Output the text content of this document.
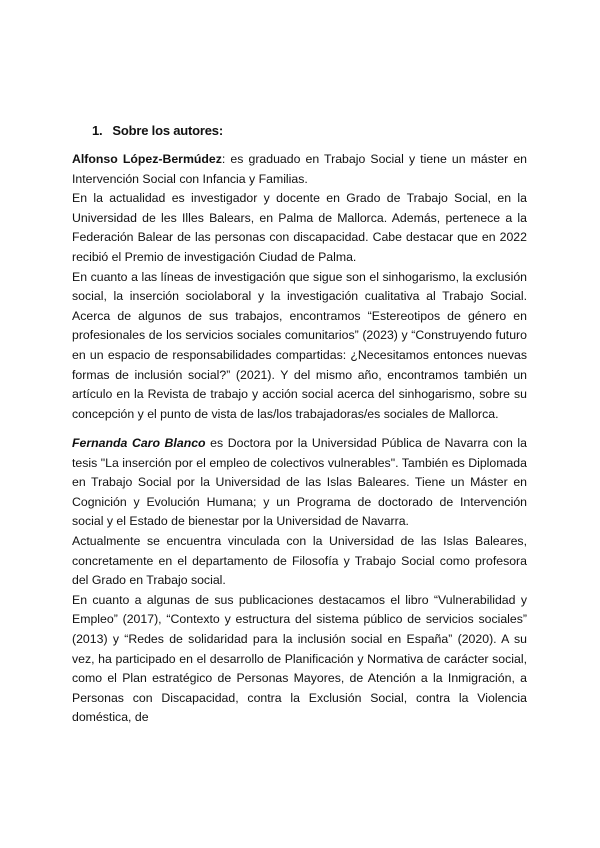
1. Sobre los autores:

Alfonso López-Bermúdez: es graduado en Trabajo Social y tiene un máster en Intervención Social con Infancia y Familias.

En la actualidad es investigador y docente en Grado de Trabajo Social, en la Universidad de les Illes Balears, en Palma de Mallorca. Además, pertenece a la Federación Balear de las personas con discapacidad. Cabe destacar que en 2022 recibió el Premio de investigación Ciudad de Palma.

En cuanto a las líneas de investigación que sigue son el sinhogarismo, la exclusión social, la inserción sociolaboral y la investigación cualitativa al Trabajo Social. Acerca de algunos de sus trabajos, encontramos “Estereotipos de género en profesionales de los servicios sociales comunitarios” (2023) y “Construyendo futuro en un espacio de responsabilidades compartidas: ¿Necesitamos entonces nuevas formas de inclusión social?” (2021). Y del mismo año, encontramos también un artículo en la Revista de trabajo y acción social acerca del sinhogarismo, sobre su concepción y el punto de vista de las/los trabajadoras/es sociales de Mallorca.

Fernanda Caro Blanco es Doctora por la Universidad Pública de Navarra con la tesis "La inserción por el empleo de colectivos vulnerables". También es Diplomada en Trabajo Social por la Universidad de las Islas Baleares. Tiene un Máster en Cognición y Evolución Humana; y un Programa de doctorado de Intervención social y el Estado de bienestar por la Universidad de Navarra.

Actualmente se encuentra vinculada con la Universidad de las Islas Baleares, concretamente en el departamento de Filosofía y Trabajo Social como profesora del Grado en Trabajo social.

En cuanto a algunas de sus publicaciones destacamos el libro “Vulnerabilidad y Empleo” (2017), “Contexto y estructura del sistema público de servicios sociales” (2013) y “Redes de solidaridad para la inclusión social en España” (2020). A su vez, ha participado en el desarrollo de Planificación y Normativa de carácter social, como el Plan estratégico de Personas Mayores, de Atención a la Inmigración, a Personas con Discapacidad, contra la Exclusión Social, contra la Violencia doméstica, de
